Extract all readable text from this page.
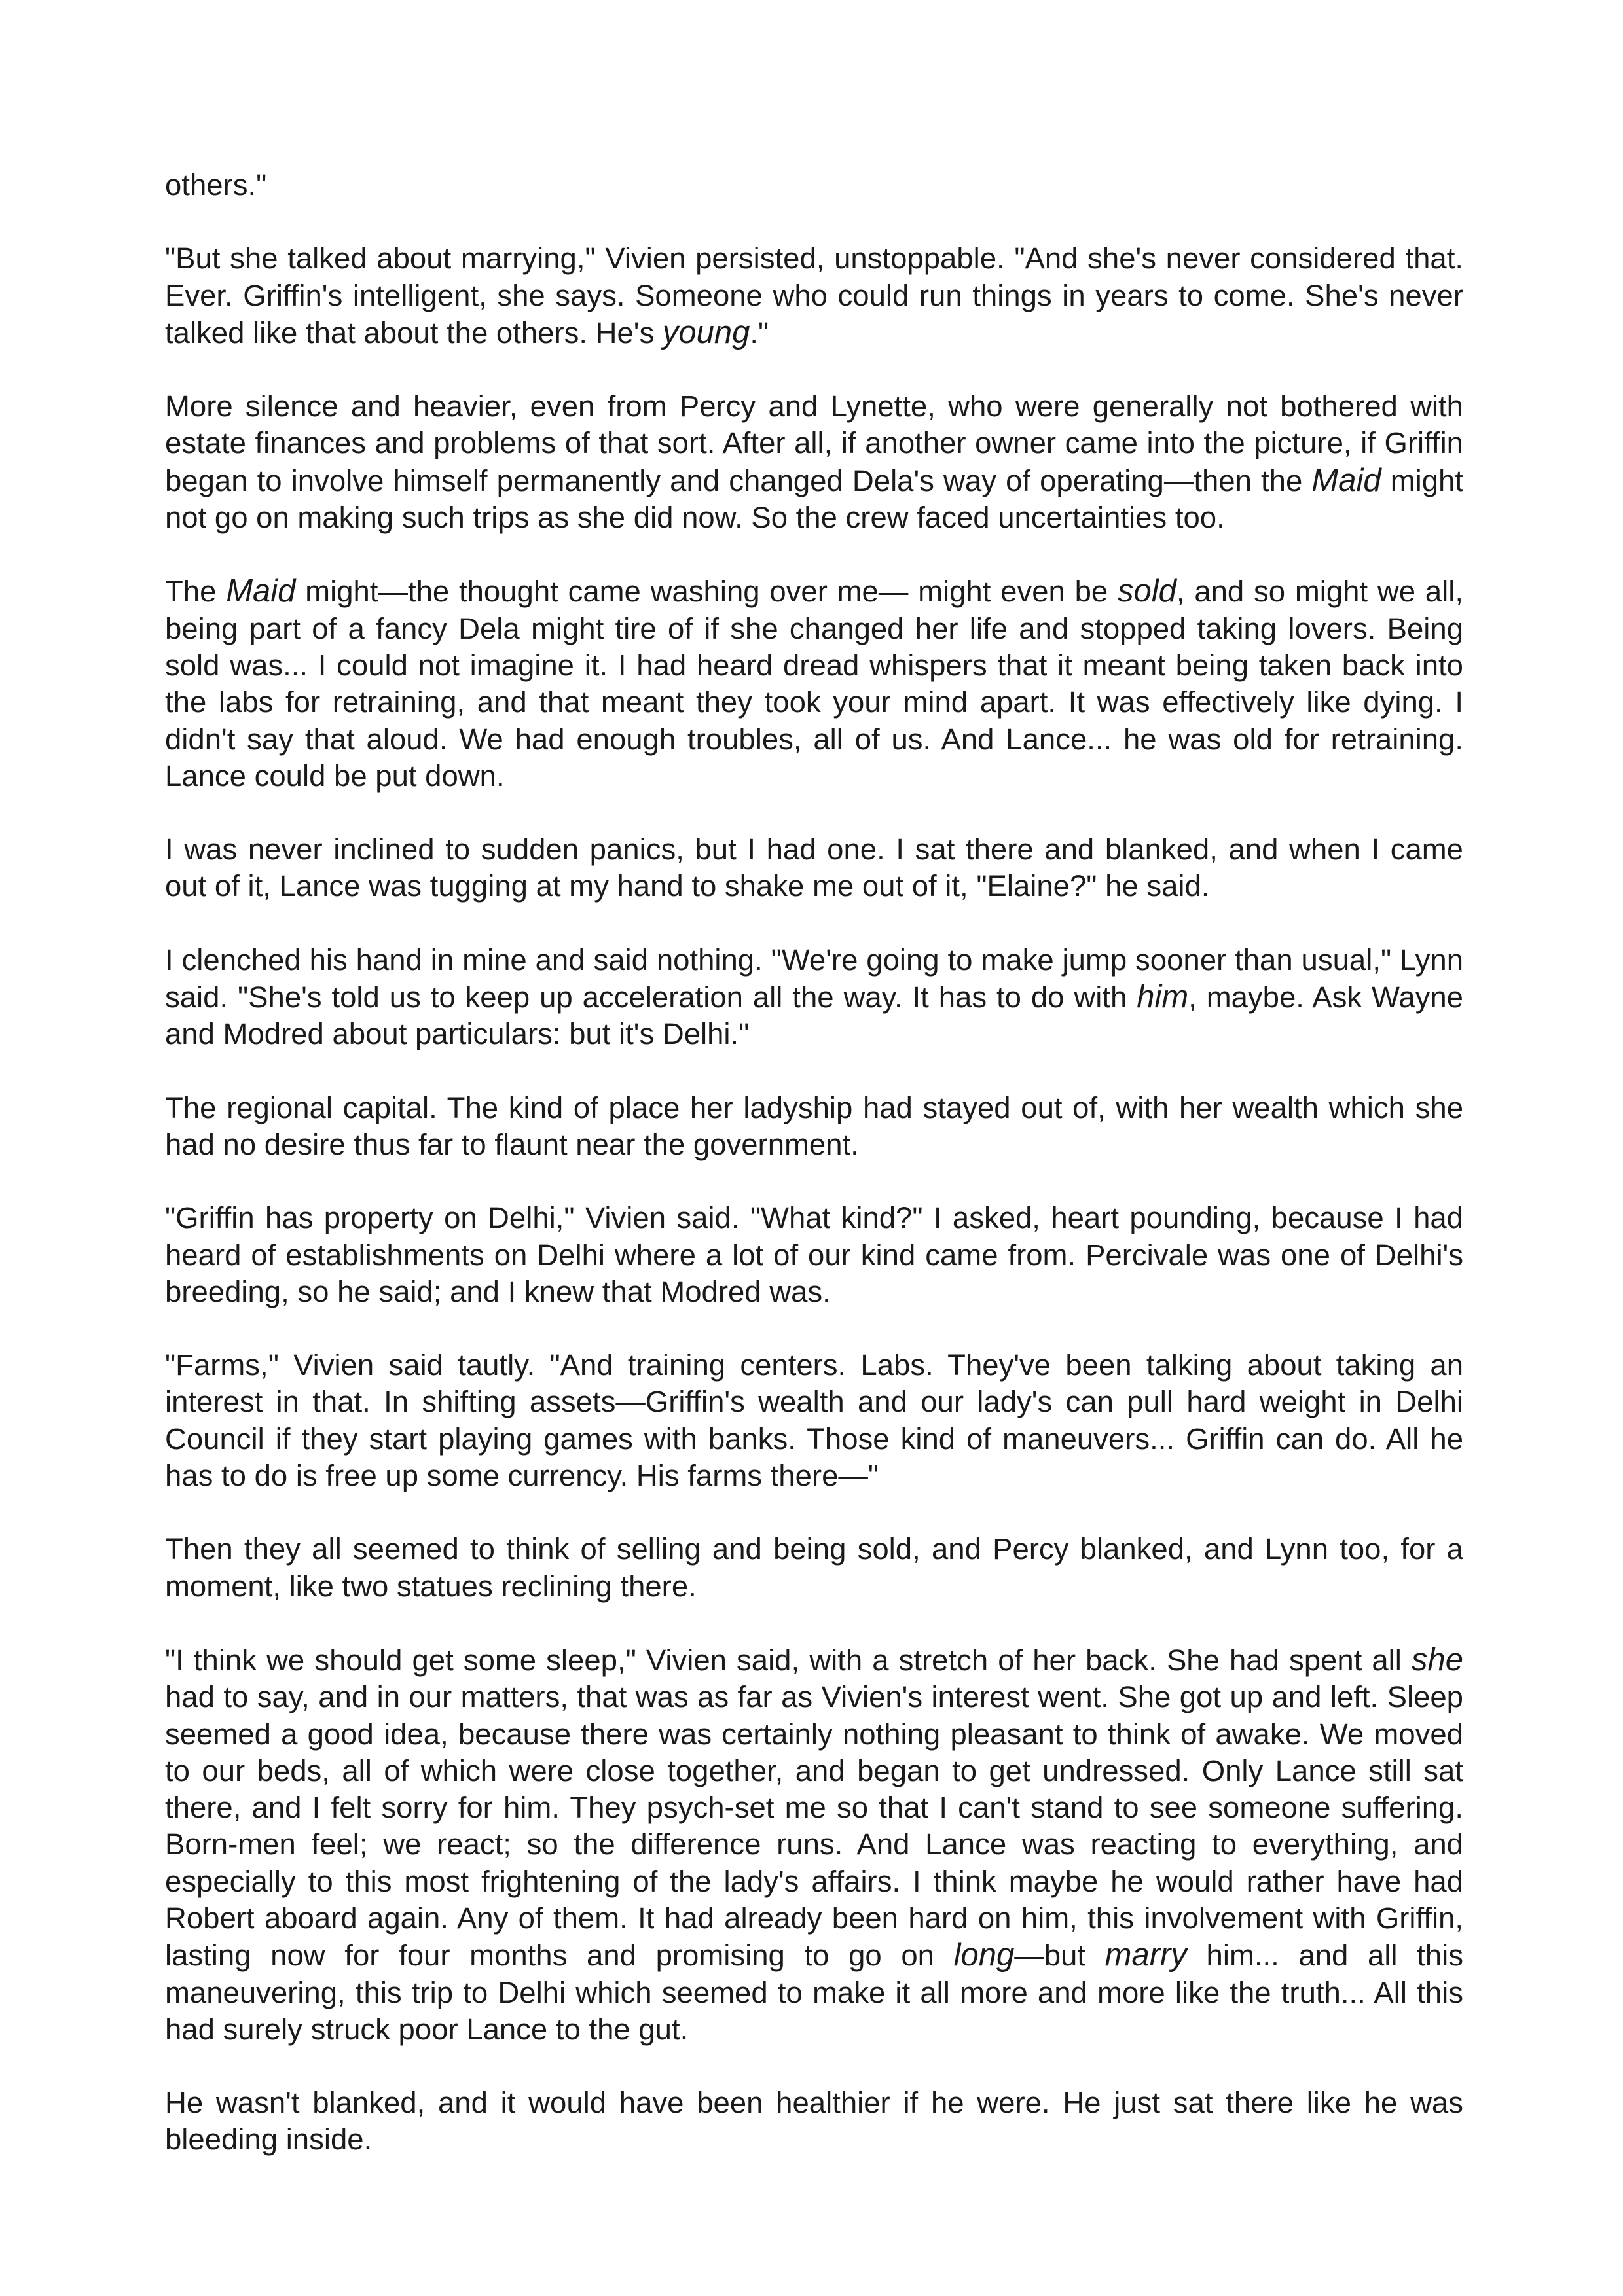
others."

"But she talked about marrying," Vivien persisted, unstoppable. "And she's never considered that. Ever. Griffin's intelligent, she says. Someone who could run things in years to come. She's never talked like that about the others. He's young."

More silence and heavier, even from Percy and Lynette, who were generally not bothered with estate finances and problems of that sort. After all, if another owner came into the picture, if Griffin began to involve himself permanently and changed Dela's way of operating—then the Maid might not go on making such trips as she did now. So the crew faced uncertainties too.

The Maid might—the thought came washing over me— might even be sold, and so might we all, being part of a fancy Dela might tire of if she changed her life and stopped taking lovers. Being sold was... I could not imagine it. I had heard dread whispers that it meant being taken back into the labs for retraining, and that meant they took your mind apart. It was effectively like dying. I didn't say that aloud. We had enough troubles, all of us. And Lance... he was old for retraining. Lance could be put down.

I was never inclined to sudden panics, but I had one. I sat there and blanked, and when I came out of it, Lance was tugging at my hand to shake me out of it, "Elaine?" he said.

I clenched his hand in mine and said nothing. "We're going to make jump sooner than usual," Lynn said. "She's told us to keep up acceleration all the way. It has to do with him, maybe. Ask Wayne and Modred about particulars: but it's Delhi."

The regional capital. The kind of place her ladyship had stayed out of, with her wealth which she had no desire thus far to flaunt near the government.

"Griffin has property on Delhi," Vivien said. "What kind?" I asked, heart pounding, because I had heard of establishments on Delhi where a lot of our kind came from. Percivale was one of Delhi's breeding, so he said; and I knew that Modred was.

"Farms," Vivien said tautly. "And training centers. Labs. They've been talking about taking an interest in that. In shifting assets—Griffin's wealth and our lady's can pull hard weight in Delhi Council if they start playing games with banks. Those kind of maneuvers... Griffin can do. All he has to do is free up some currency. His farms there—"

Then they all seemed to think of selling and being sold, and Percy blanked, and Lynn too, for a moment, like two statues reclining there.

"I think we should get some sleep," Vivien said, with a stretch of her back. She had spent all she had to say, and in our matters, that was as far as Vivien's interest went. She got up and left. Sleep seemed a good idea, because there was certainly nothing pleasant to think of awake. We moved to our beds, all of which were close together, and began to get undressed. Only Lance still sat there, and I felt sorry for him. They psych-set me so that I can't stand to see someone suffering. Born-men feel; we react; so the difference runs. And Lance was reacting to everything, and especially to this most frightening of the lady's affairs. I think maybe he would rather have had Robert aboard again. Any of them. It had already been hard on him, this involvement with Griffin, lasting now for four months and promising to go on long—but marry him... and all this maneuvering, this trip to Delhi which seemed to make it all more and more like the truth... All this had surely struck poor Lance to the gut.

He wasn't blanked, and it would have been healthier if he were. He just sat there like he was bleeding inside.
